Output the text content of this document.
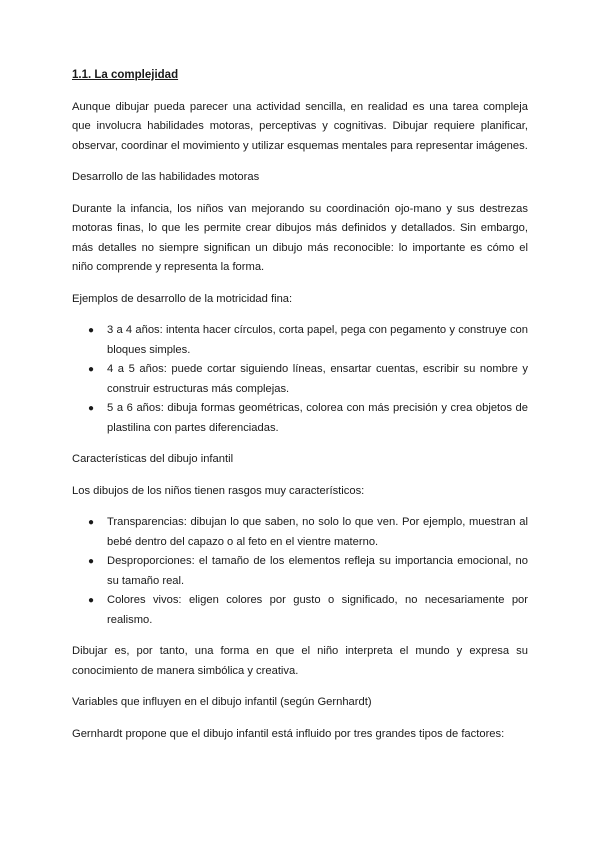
1.1. La complejidad

Aunque dibujar pueda parecer una actividad sencilla, en realidad es una tarea compleja que involucra habilidades motoras, perceptivas y cognitivas. Dibujar requiere planificar, observar, coordinar el movimiento y utilizar esquemas mentales para representar imágenes.

Desarrollo de las habilidades motoras

Durante la infancia, los niños van mejorando su coordinación ojo-mano y sus destrezas motoras finas, lo que les permite crear dibujos más definidos y detallados. Sin embargo, más detalles no siempre significan un dibujo más reconocible: lo importante es cómo el niño comprende y representa la forma.

Ejemplos de desarrollo de la motricidad fina:

● 3 a 4 años: intenta hacer círculos, corta papel, pega con pegamento y construye con bloques simples.
● 4 a 5 años: puede cortar siguiendo líneas, ensartar cuentas, escribir su nombre y construir estructuras más complejas.
● 5 a 6 años: dibuja formas geométricas, colorea con más precisión y crea objetos de plastilina con partes diferenciadas.

Características del dibujo infantil

Los dibujos de los niños tienen rasgos muy característicos:

● Transparencias: dibujan lo que saben, no solo lo que ven. Por ejemplo, muestran al bebé dentro del capazo o al feto en el vientre materno.
● Desproporciones: el tamaño de los elementos refleja su importancia emocional, no su tamaño real.
● Colores vivos: eligen colores por gusto o significado, no necesariamente por realismo.

Dibujar es, por tanto, una forma en que el niño interpreta el mundo y expresa su conocimiento de manera simbólica y creativa.

Variables que influyen en el dibujo infantil (según Gernhardt)

Gernhardt propone que el dibujo infantil está influido por tres grandes tipos de factores:
